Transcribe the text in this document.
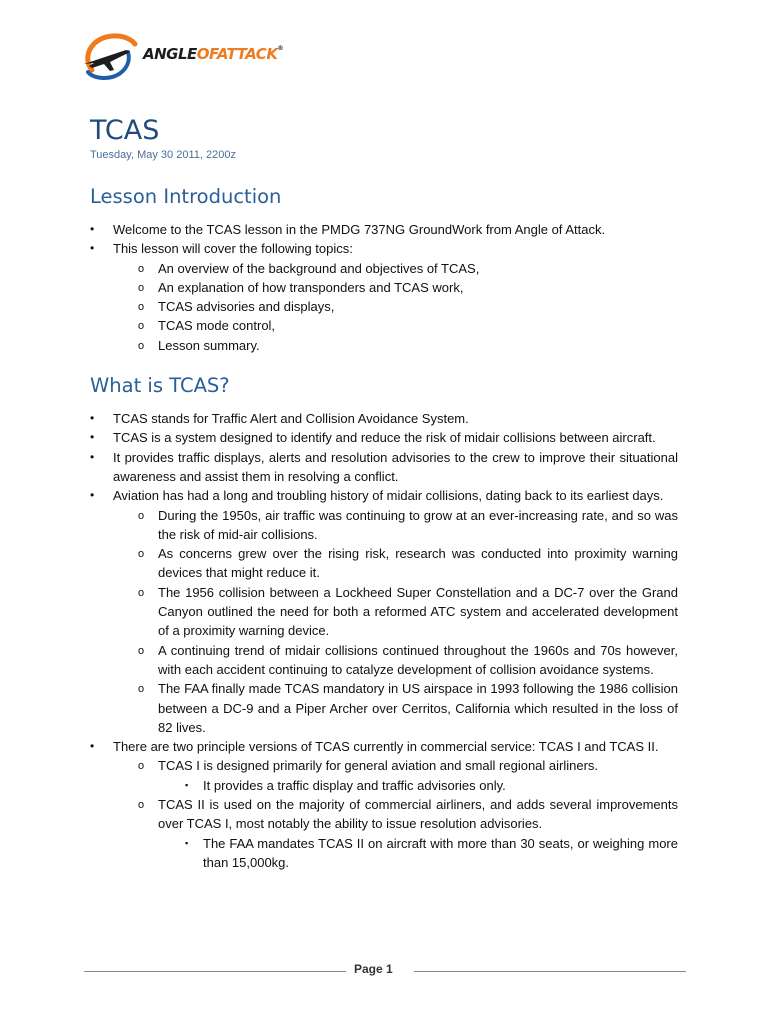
ANGLEOFATTACK®
TCAS
Tuesday, May 30 2011, 2200z
Lesson Introduction
• Welcome to the TCAS lesson in the PMDG 737NG GroundWork from Angle of Attack.
• This lesson will cover the following topics:
o An overview of the background and objectives of TCAS,
o An explanation of how transponders and TCAS work,
o TCAS advisories and displays,
o TCAS mode control,
o Lesson summary.
What is TCAS?
• TCAS stands for Traffic Alert and Collision Avoidance System.
• TCAS is a system designed to identify and reduce the risk of midair collisions between aircraft.
• It provides traffic displays, alerts and resolution advisories to the crew to improve their situational awareness and assist them in resolving a conflict.
• Aviation has had a long and troubling history of midair collisions, dating back to its earliest days.
o During the 1950s, air traffic was continuing to grow at an ever-increasing rate, and so was the risk of mid-air collisions.
o As concerns grew over the rising risk, research was conducted into proximity warning devices that might reduce it.
o The 1956 collision between a Lockheed Super Constellation and a DC-7 over the Grand Canyon outlined the need for both a reformed ATC system and accelerated development of a proximity warning device.
o A continuing trend of midair collisions continued throughout the 1960s and 70s however, with each accident continuing to catalyze development of collision avoidance systems.
o The FAA finally made TCAS mandatory in US airspace in 1993 following the 1986 collision between a DC-9 and a Piper Archer over Cerritos, California which resulted in the loss of 82 lives.
• There are two principle versions of TCAS currently in commercial service: TCAS I and TCAS II.
o TCAS I is designed primarily for general aviation and small regional airliners.
▪ It provides a traffic display and traffic advisories only.
o TCAS II is used on the majority of commercial airliners, and adds several improvements over TCAS I, most notably the ability to issue resolution advisories.
▪ The FAA mandates TCAS II on aircraft with more than 30 seats, or weighing more than 15,000kg.
Page 1
